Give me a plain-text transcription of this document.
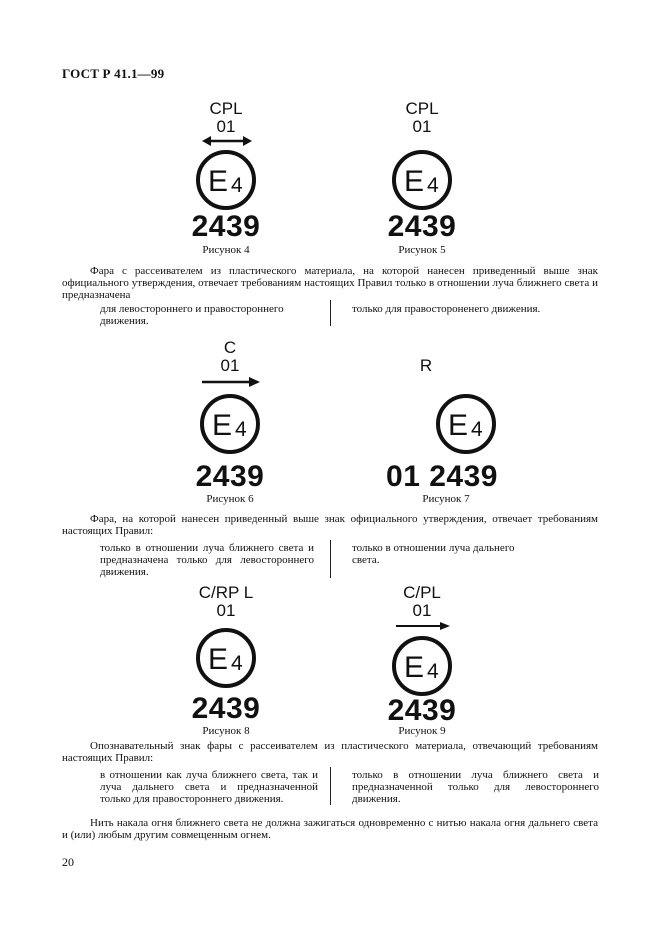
ГОСТ Р 41.1—99
CPL
01
E 4
2439
Рисунок 4
CPL
01
E 4
2439
Рисунок 5

Фара с рассеивателем из пластического материала, на которой нанесен приведенный выше знак официального утверждения, отвечает требованиям настоящих Правил только в отношении луча ближнего света и предназначена

для левостороннего и правостороннего движения.
только для правостороненего движения.
C
01
E 4
2439
Рисунок 6
R
E 4
01 2439
Рисунок 7

Фара, на которой нанесен приведенный выше знак официального утверждения, отвечает требованиям настоящих Правил:

только в отношении луча ближнего света и предназначена только для левостороннего движения.
только в отношении луча дальнего света.
C/RP L
01
E 4
2439
Рисунок 8
C/PL
01
E 4
2439
Рисунок 9

Опознавательный знак фары с рассеивателем из пластического материала, отвечающий требованиям настоящих Правил:

в отношении как луча ближнего света, так и луча дальнего света и предназначенной только для правостороннего движения.
только в отношении луча ближнего света и предназначенной только для левостороннего движения.

Нить накала огня ближнего света не должна зажигаться одновременно с нитью накала огня дальнего света и (или) любым другим совмещенным огнем.

20
